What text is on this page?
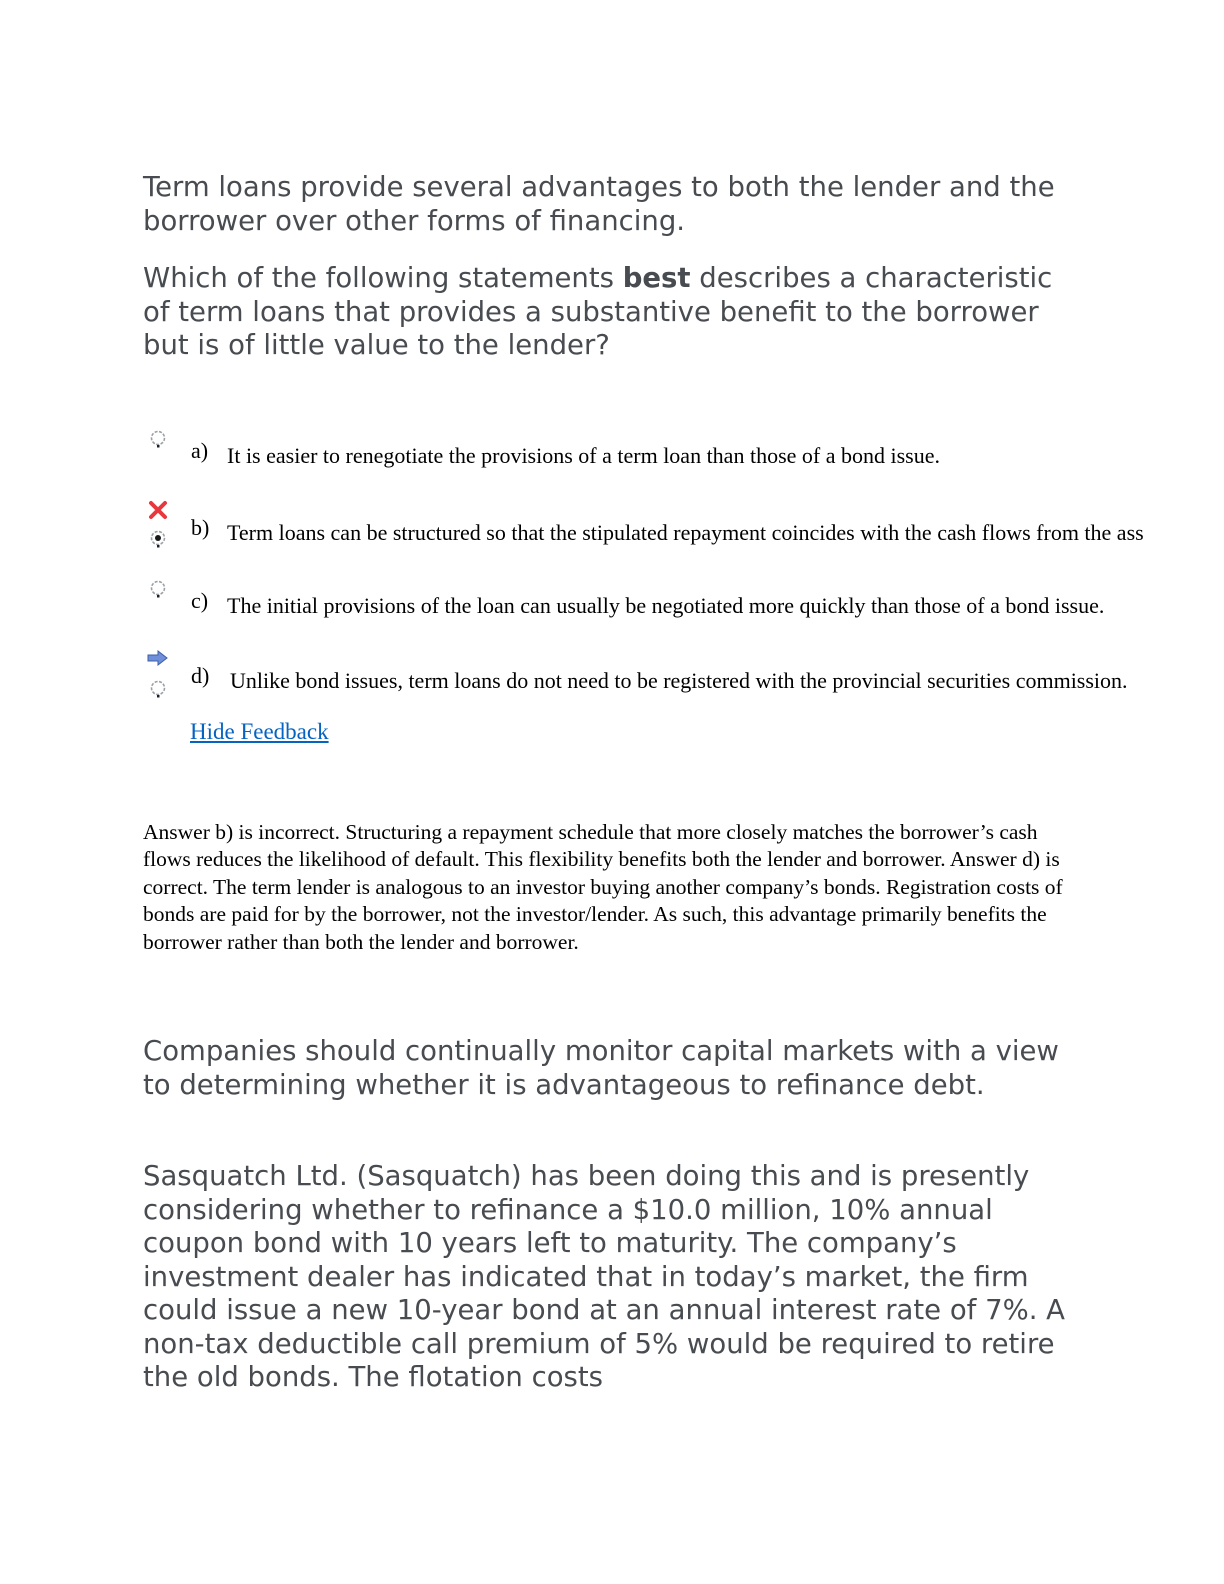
Term loans provide several advantages to both the lender and the borrower over other forms of financing.
Which of the following statements best describes a characteristic of term loans that provides a substantive benefit to the borrower but is of little value to the lender?
a) It is easier to renegotiate the provisions of a term loan than those of a bond issue.
b) Term loans can be structured so that the stipulated repayment coincides with the cash flows from the ass
c) The initial provisions of the loan can usually be negotiated more quickly than those of a bond issue.
d) Unlike bond issues, term loans do not need to be registered with the provincial securities commission.
Hide Feedback
Answer b) is incorrect. Structuring a repayment schedule that more closely matches the borrower’s cash flows reduces the likelihood of default. This flexibility benefits both the lender and borrower. Answer d) is correct. The term lender is analogous to an investor buying another company’s bonds. Registration costs of bonds are paid for by the borrower, not the investor/lender. As such, this advantage primarily benefits the borrower rather than both the lender and borrower.
Companies should continually monitor capital markets with a view to determining whether it is advantageous to refinance debt.
Sasquatch Ltd. (Sasquatch) has been doing this and is presently considering whether to refinance a $10.0 million, 10% annual coupon bond with 10 years left to maturity. The company’s investment dealer has indicated that in today’s market, the firm could issue a new 10-year bond at an annual interest rate of 7%. A non-tax deductible call premium of 5% would be required to retire the old bonds. The flotation costs
